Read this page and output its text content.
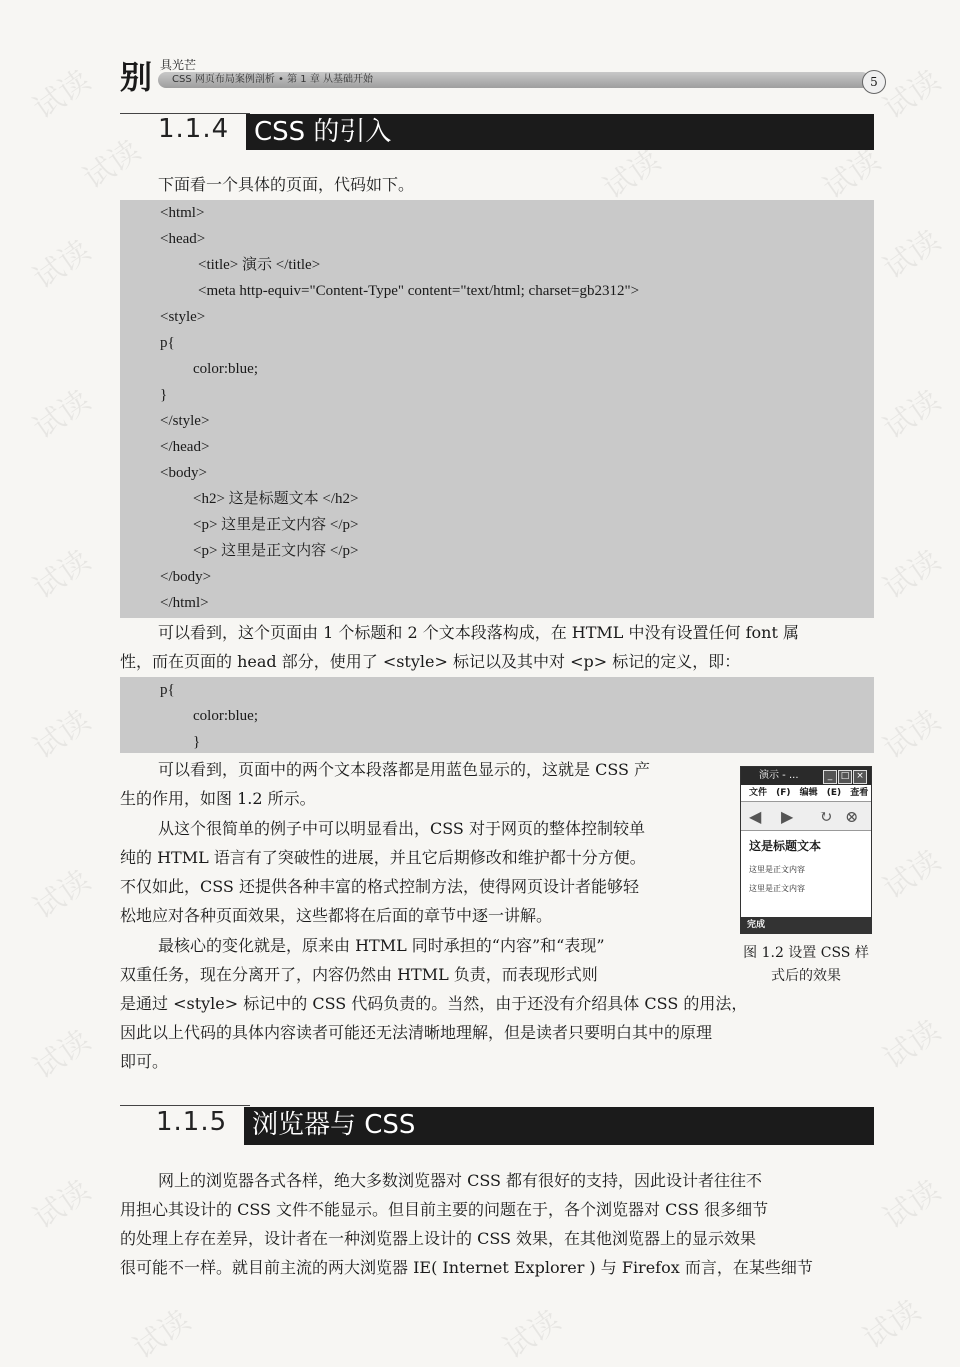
别 具光芒
CSS 网页布局案例剖析 • 第 1 章 从基础开始	5
1.1.4 CSS 的引入
下面看一个具体的页面，代码如下。
<html>
<head>
<title> 演示 </title>
<meta http-equiv="Content-Type" content="text/html; charset=gb2312">
<style>
p{
color:blue;
}
</style>
</head>
<body>
<h2> 这是标题文本 </h2>
<p> 这里是正文内容 </p>
<p> 这里是正文内容 </p>
</body>
</html>
可以看到，这个页面由 1 个标题和 2 个文本段落构成，在 HTML 中没有设置任何 font 属
性，而在页面的 head 部分，使用了 <style> 标记以及其中对 <p> 标记的定义，即：
p{
color:blue;
}
可以看到，页面中的两个文本段落都是用蓝色显示的，这就是 CSS 产
生的作用，如图 1.2 所示。
从这个很简单的例子中可以明显看出，CSS 对于网页的整体控制较单
纯的 HTML 语言有了突破性的进展，并且它后期修改和维护都十分方便。
不仅如此，CSS 还提供各种丰富的格式控制方法，使得网页设计者能够轻
松地应对各种页面效果，这些都将在后面的章节中逐一讲解。
最核心的变化就是，原来由 HTML 同时承担的“内容”和“表现”
双重任务，现在分离开了，内容仍然由 HTML 负责，而表现形式则
是通过 <style> 标记中的 CSS 代码负责的。当然，由于还没有介绍具体 CSS 的用法，
因此以上代码的具体内容读者可能还无法清晰地理解，但是读者只要明白其中的原理
即可。
演示 - ...	_ □ ×
文件 (F) 编辑 (E) 查看
◀ ▶ ↻ ⊗
这是标题文本
这里是正文内容
这里是正文内容
完成
图 1.2 设置 CSS 样
式后的效果
1.1.5 浏览器与 CSS
网上的浏览器各式各样，绝大多数浏览器对 CSS 都有很好的支持，因此设计者往往不
用担心其设计的 CSS 文件不能显示。但目前主要的问题在于，各个浏览器对 CSS 很多细节
的处理上存在差异，设计者在一种浏览器上设计的 CSS 效果，在其他浏览器上的显示效果
很可能不一样。就目前主流的两大浏览器 IE( Internet Explorer ) 与 Firefox 而言，在某些细节
试读	试读
试读	试读	试读
试读	试读
试读	试读
试读	试读
试读	试读
试读	试读
试读	试读
试读	试读
试读	试读	试读
